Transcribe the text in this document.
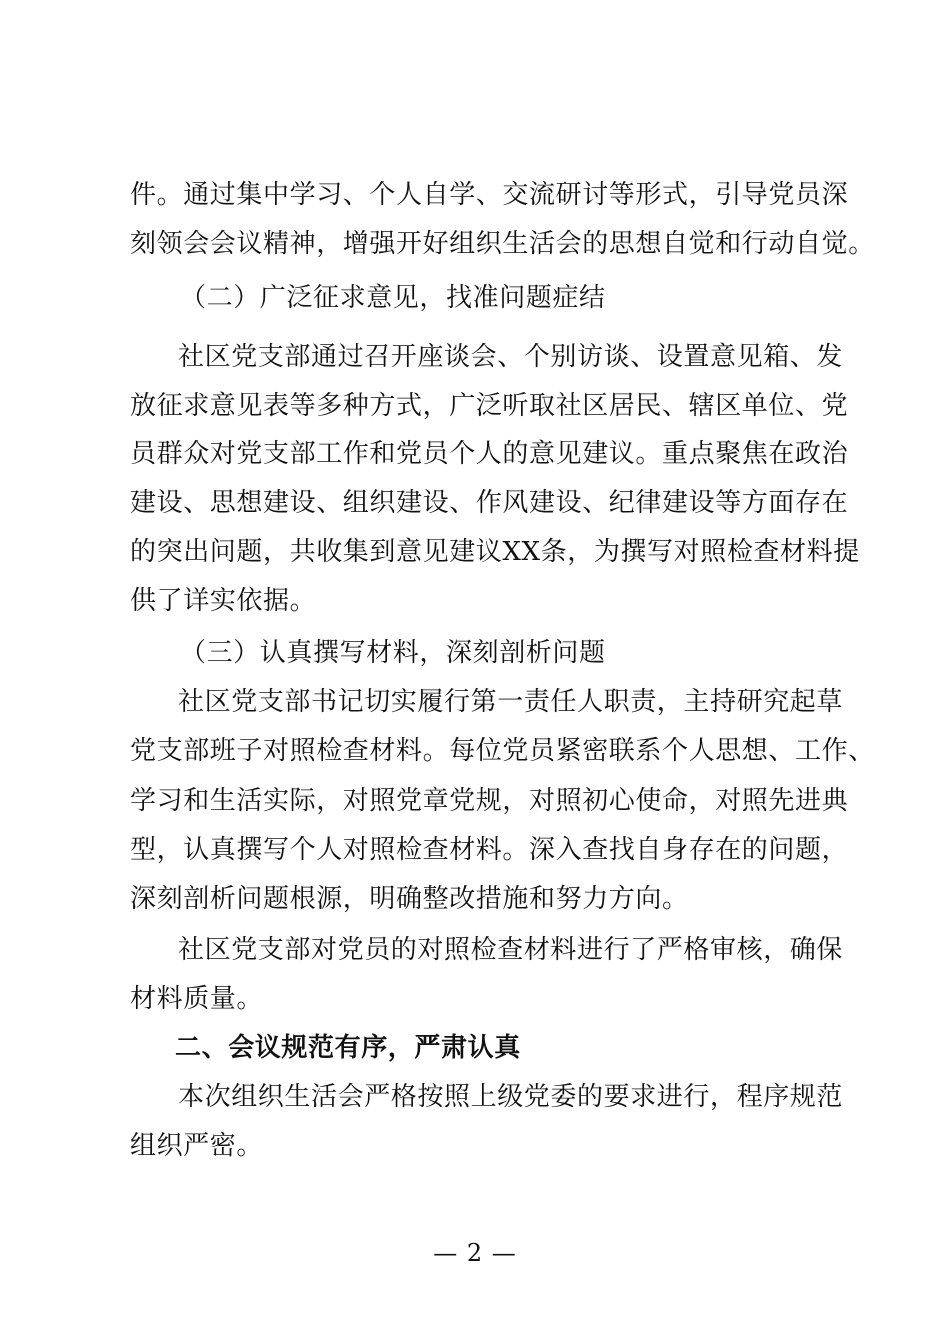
件。通过集中学习、个人自学、交流研讨等形式，引导党员深
刻领会会议精神，增强开好组织生活会的思想自觉和行动自觉。
（二）广泛征求意见，找准问题症结
社区党支部通过召开座谈会、个别访谈、设置意见箱、发
放征求意见表等多种方式，广泛听取社区居民、辖区单位、党
员群众对党支部工作和党员个人的意见建议。重点聚焦在政治
建设、思想建设、组织建设、作风建设、纪律建设等方面存在
的突出问题，共收集到意见建议XX条，为撰写对照检查材料提
供了详实依据。
（三）认真撰写材料，深刻剖析问题
社区党支部书记切实履行第一责任人职责，主持研究起草
党支部班子对照检查材料。每位党员紧密联系个人思想、工作、
学习和生活实际，对照党章党规，对照初心使命，对照先进典
型，认真撰写个人对照检查材料。深入查找自身存在的问题，
深刻剖析问题根源，明确整改措施和努力方向。
社区党支部对党员的对照检查材料进行了严格审核，确保
材料质量。
二、会议规范有序，严肃认真
本次组织生活会严格按照上级党委的要求进行，程序规范
组织严密。
— 2 —
